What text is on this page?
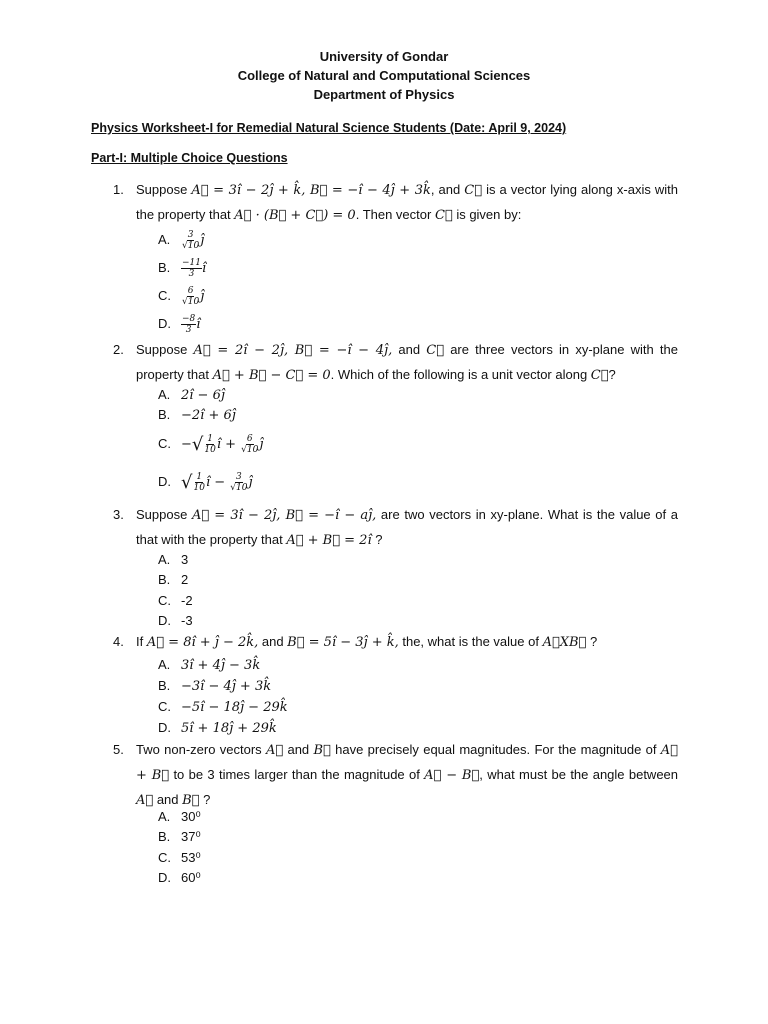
University of Gondar
College of Natural and Computational Sciences
Department of Physics
Physics Worksheet-I for Remedial Natural Science Students (Date: April 9, 2024)
Part-I: Multiple Choice Questions
1. Suppose A⃗ = 3î − 2ĵ + k̂, B⃗ = −î − 4ĵ + 3k̂, and C⃗ is a vector lying along x-axis with the property that A⃗ · (B⃗ + C⃗) = 0. Then vector C⃗ is given by:
A. $\frac{3}{√10}$ ĵ
B. $\frac{-11}{3}$ î
C. $\frac{6}{√10}$ ĵ
D. $\frac{-8}{3}$ î
2. Suppose A⃗ = 2î − 2ĵ, B⃗ = −î − 4ĵ, and C⃗ are three vectors in xy-plane with the property that A⃗ + B⃗ − C⃗ = 0. Which of the following is a unit vector along C⃗?
A. 2î − 6ĵ
B. −2î + 6ĵ
C. −√ $\frac{1}{10}$ î + $\frac{6}{√10}$ ĵ
D. √ $\frac{1}{10}$ î − $\frac{3}{√10}$ ĵ
3. Suppose A⃗ = 3î − 2ĵ, B⃗ = −î − aĵ, are two vectors in xy-plane. What is the value of a that with the property that A⃗ + B⃗ = 2î ?
A. 3
B. 2
C. -2
D. -3
4. If A⃗ = 8î + ĵ − 2k̂, and B⃗ = 5î − 3ĵ + k̂, the, what is the value of A⃗XB⃗ ?
A. 3î + 4ĵ − 3k̂
B. −3î − 4ĵ + 3k̂
C. −5î − 18ĵ − 29k̂
D. 5î + 18ĵ + 29k̂
5. Two non-zero vectors A⃗ and B⃗ have precisely equal magnitudes. For the magnitude of A⃗ + B⃗ to be 3 times larger than the magnitude of A⃗ − B⃗, what must be the angle between A⃗ and B⃗ ?
A. 30⁰
B. 37⁰
C. 53⁰
D. 60⁰
